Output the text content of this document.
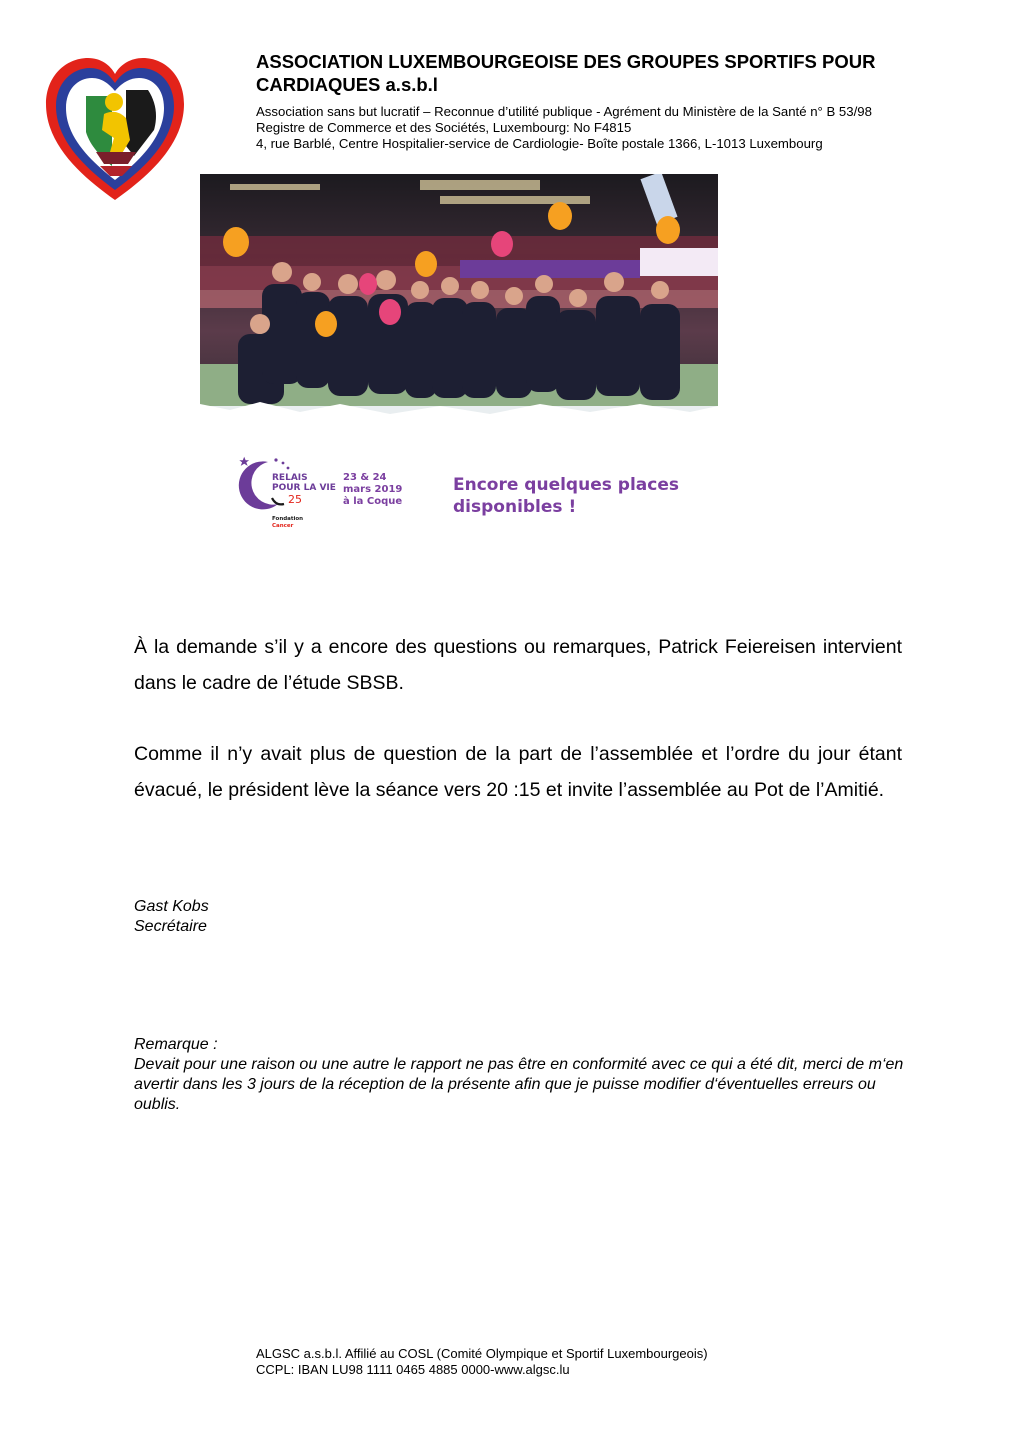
ASSOCIATION LUXEMBOURGEOISE DES GROUPES SPORTIFS POUR CARDIAQUES a.s.b.l
Association sans but lucratif – Reconnue d’utilité publique - Agrément du Ministère de la Santé n° B 53/98
Registre de Commerce et des Sociétés, Luxembourg: No F4815
4, rue Barblé, Centre Hospitalier-service de Cardiologie- Boîte postale 1366, L-1013 Luxembourg
RELAIS
POUR LA VIE
25
Fondation
Cancer
23 & 24
mars 2019
à la Coque
Encore quelques places
disponibles !

À la demande s’il y a encore des questions ou remarques, Patrick Feiereisen intervient dans le cadre de l’étude SBSB.

Comme il n’y avait plus de question de la part de l’assemblée et l’ordre du jour étant évacué, le président lève la séance vers 20 :15 et invite l’assemblée au Pot de l’Amitié.

Gast Kobs
Secrétaire

Remarque :

Devait pour une raison ou une autre le rapport ne pas être en conformité avec ce qui a été dit, merci de m‘en avertir dans les 3 jours de la réception de la présente afin que je puisse modifier d‘éventuelles erreurs ou oublis.

ALGSC a.s.b.l. Affilié au COSL (Comité Olympique et Sportif Luxembourgeois)
CCPL: IBAN LU98 1111 0465 4885 0000-www.algsc.lu
